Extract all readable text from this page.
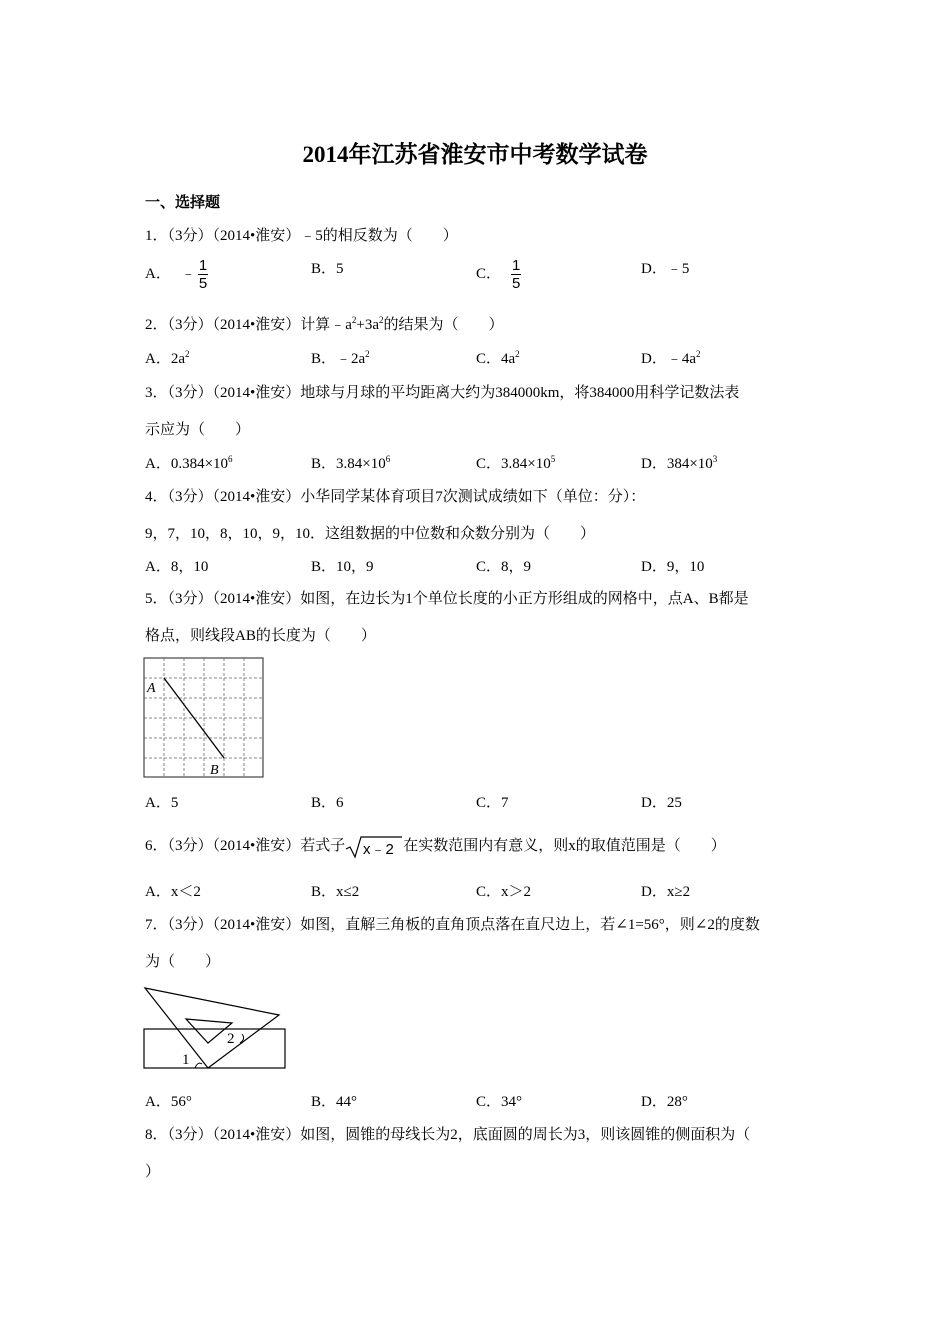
2014年江苏省淮安市中考数学试卷
一、选择题
1．（3分）（2014•淮安）﹣5的相反数为（　　）
A． ﹣ $\frac{1}{5}$	B．5	C． $\frac{1}{5}$	D．﹣5
2．（3分）（2014•淮安）计算$﹣a^2+3a^2$的结果为（　　）
A．$2a^2$	B．$﹣2a^2$	C．$4a^2$	D．$﹣4a^2$
3．（3分）（2014•淮安）地球与月球的平均距离大约为384000km，将384000用科学记数法表
示应为（　　）
A．$0.384\times 10^6$	B．$3.84\times 10^6$	C．$3.84\times 10^5$	D．$384\times 10^3$
4．（3分）（2014•淮安）小华同学某体育项目7次测试成绩如下（单位：分）：
9，7，10，8，10，9，10．这组数据的中位数和众数分别为（　　）
A．8，10	B．10，9	C．8，9	D．9，10
5．（3分）（2014•淮安）如图，在边长为1个单位长度的小正方形组成的网格中，点A、B都是
格点，则线段AB的长度为（　　）
A
B
A．5	B．6	C．7	D．25
6．（3分）（2014•淮安）若式子 x﹣2 在实数范围内有意义，则x的取值范围是（　　）
A．x＜2	B．x≤2	C．x＞2	D．x≥2
7．（3分）（2014•淮安）如图，直解三角板的直角顶点落在直尺边上，若∠1=56°，则∠2的度数
为（　　）
1
2
A．56°	B．44°	C．34°	D．28°
8．（3分）（2014•淮安）如图，圆锥的母线长为2，底面圆的周长为3，则该圆锥的侧面积为（
）
